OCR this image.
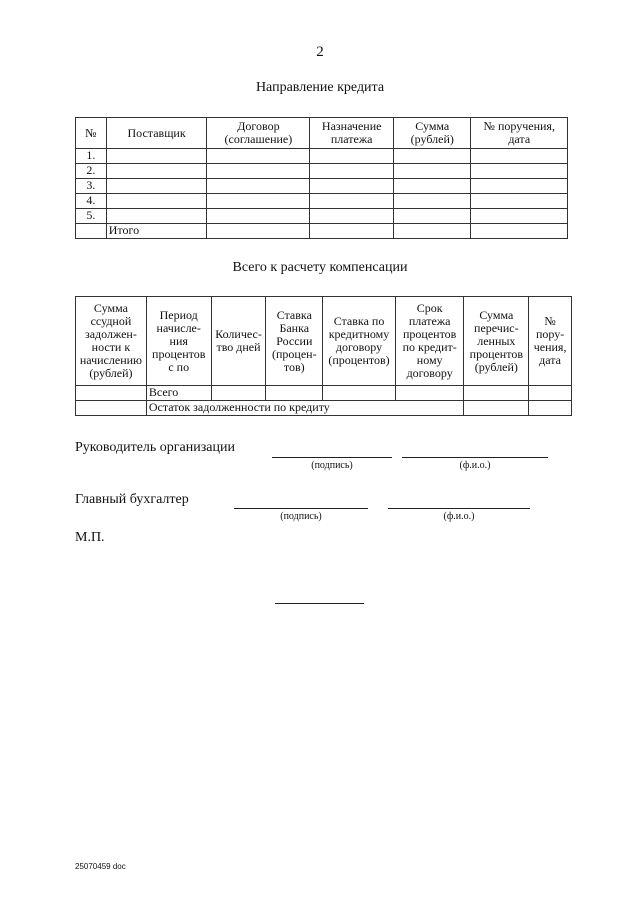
2
Направление кредита
№	Поставщик	Договор (соглашение)	Назначение платежа	Сумма (рублей)	№ поручения, дата
1.					
2.					
3.					
4.					
5.					
	Итого				
Всего к расчету компенсации
Сумма ссудной задолжен-ности к начислению (рублей)	Период начисле-ния процентов с по	Количес-тво дней	Ставка Банка России (процен-тов)	Ставка по кредитному договору (процентов)	Срок платежа процентов по кредит-ному договору	Сумма перечис-ленных процентов (рублей)	№ пору-чения, дата
	Всего						
	Остаток задолженности по кредиту						
Руководитель организации
(подпись)	(ф.и.о.)
Главный бухгалтер
(подпись)	(ф.и.о.)
М.П.
25070459 doc
